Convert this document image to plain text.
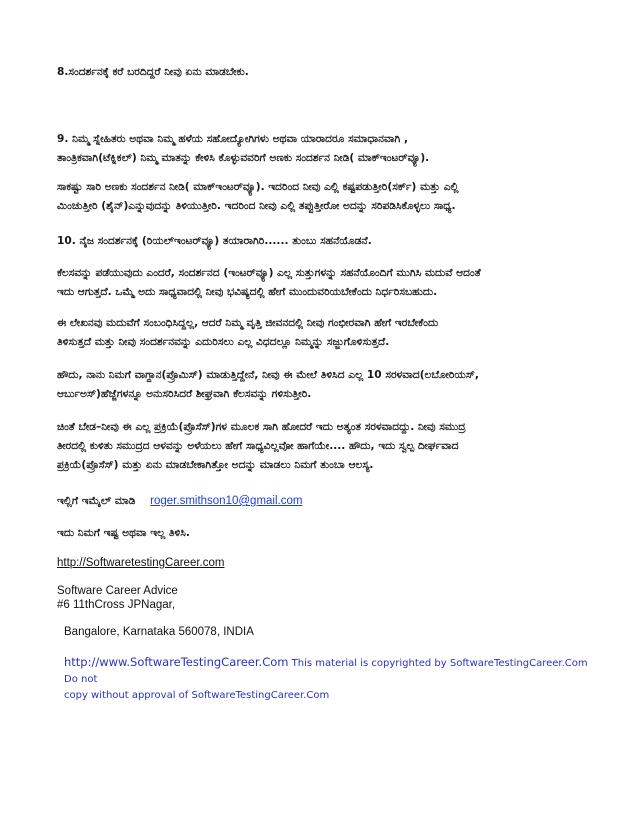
8.ಸಂದರ್ಶನಕ್ಕೆ ಕರೆ ಬರದಿದ್ದರೆ ನೀವು ಏನು ಮಾಡಬೇಕು.

9. ನಿಮ್ಮ ಸ್ನೇಹಿತರು ಅಥವಾ ನಿಮ್ಮ ಹಳೆಯ ಸಹೋದ್ಯೋಗಿಗಳು ಅಥವಾ ಯಾರಾದರೂ ಸಮಾಧಾನವಾಗಿ ,
ತಾಂತ್ರಿಕವಾಗಿ(ಟೆಕ್ನಿಕಲ್) ನಿಮ್ಮ ಮಾತನ್ನು ಕೇಳಿಸಿ ಕೊಳ್ಳುವವರಿಗೆ ಅಣಕು ಸಂದರ್ಶನ ನೀಡಿ( ಮಾಕ್‌ಇಂಟರ್‌ವ್ಯೂ).

ಸಾಕಷ್ಟು ಸಾರಿ ಅಣಕು ಸಂದರ್ಶನ ನೀಡಿ( ಮಾಕ್‌ಇಂಟರ್‌ವ್ಯೂ). ಇದರಿಂದ ನೀವು ಎಲ್ಲಿ ಕಷ್ಟಪಡುತ್ತೀರಿ(ಸರ್ಕ್) ಮತ್ತು ಎಲ್ಲಿ
ಮಿಂಚುತ್ತೀರಿ (ಶೈನ್)ಎನ್ನುವುದನ್ನು ತಿಳಿಯುತ್ತೀರಿ. ಇದರಿಂದ ನೀವು ಎಲ್ಲಿ ತಪ್ಪುತ್ತೀರೋ ಅದನ್ನು ಸರಿಪಡಿಸಿಕೊಳ್ಳಲು ಸಾಧ್ಯ.

10. ನೈಜ ಸಂದರ್ಶನಕ್ಕೆ (ರಿಯಲ್‌ಇಂಟರ್‌ವ್ಯೂ) ತಯಾರಾಗಿರಿ...... ತುಂಬು ಸಹನೆಯೊಡನೆ.

ಕೆಲಸವನ್ನು ಪಡೆಯುವುದು ಎಂದರೆ, ಸಂದರ್ಶನದ (ಇಂಟರ್‌ವ್ಯೂ) ಎಲ್ಲ ಸುತ್ತುಗಳನ್ನು ಸಹನೆಯೊಂದಿಗೆ ಮುಗಿಸಿ ಮದುವೆ ಆದಂತೆ
ಇದು ಆಗುತ್ತದೆ. ಒಮ್ಮೆ ಅದು ಸಾಧ್ಯವಾದಲ್ಲಿ ನೀವು ಭವಿಷ್ಯದಲ್ಲಿ ಹೇಗೆ ಮುಂದುವರಿಯಬೇಕೆಂದು ನಿರ್ಧರಿಸಬಹುದು.

ಈ ಲೇಖನವು ಮದುವೆಗೆ ಸಂಬಂಧಿಸಿದ್ದಲ್ಲ, ಆದರೆ ನಿಮ್ಮ ವೃತ್ತಿ ಜೀವನದಲ್ಲಿ ನೀವು ಗಂಭೀರವಾಗಿ ಹೇಗೆ ಇರಬೇಕೆಂದು
ತಿಳಿಸುತ್ತದೆ ಮತ್ತು ನೀವು ಸಂದರ್ಶನವನ್ನು ಎದುರಿಸಲು ಎಲ್ಲ ವಿಧದಲ್ಲೂ ನಿಮ್ಮನ್ನು ಸಜ್ಜುಗೊಳಿಸುತ್ತದೆ.

ಹೌದು, ನಾನು ನಿಮಗೆ ವಾಗ್ದಾನ(ಪ್ರೊಮಿಸ್) ಮಾಡುತ್ತಿದ್ದೇನೆ, ನೀವು ಈ ಮೇಲೆ ತಿಳಿಸಿದ ಎಲ್ಲ 10 ಸರಳವಾದ(ಲಬೋರಿಯಸ್,
ಆರ್ಬುಅಸ್)ಹೆಜ್ಜೆಗಳನ್ನೂ ಅನುಸರಿಸಿದರೆ ಶೀಘ್ರವಾಗಿ ಕೆಲಸವನ್ನು ಗಳಿಸುತ್ತೀರಿ.

ಚಿಂತೆ ಬೇಡ–ನೀವು ಈ ಎಲ್ಲ ಪ್ರಕ್ರಿಯೆ(ಪ್ರೊಸೆಸ್)ಗಳ ಮೂಲಕ ಸಾಗಿ ಹೋದರೆ ಇದು ಅತ್ಯಂತ ಸರಳವಾದದ್ದು. ನೀವು ಸಮುದ್ರ
ತೀರದಲ್ಲಿ ಕುಳಿತು ಸಮುದ್ರದ ಆಳವನ್ನು ಅಳೆಯಲು ಹೇಗೆ ಸಾಧ್ಯವಿಲ್ಲವೋ ಹಾಗೆಯೇ.... ಹೌದು, ಇದು ಸ್ವಲ್ಪ ದೀರ್ಘವಾದ
ಪ್ರಕ್ರಿಯೆ(ಪ್ರೊಸೆಸ್) ಮತ್ತು ಏನು ಮಾಡಬೇಕಾಗಿತ್ತೋ ಅದನ್ನು ಮಾಡಲು ನಿಮಗೆ ತುಂಬಾ ಆಲಸ್ಯ.

ಇಲ್ಲಿಗೆ ಇಮೈಲ್ ಮಾಡಿ roger.smithson10@gmail.com

ಇದು ನಿಮಗೆ ಇಷ್ಟ ಅಥವಾ ಇಲ್ಲ ತಿಳಿಸಿ.

http://SoftwaretestingCareer.com

Software Career Advice

#6 11thCross JPNagar,

Bangalore, Karnataka 560078, INDIA

http://www.SoftwareTestingCareer.Com This material is copyrighted by SoftwareTestingCareer.Com Do not
copy without approval of SoftwareTestingCareer.Com
